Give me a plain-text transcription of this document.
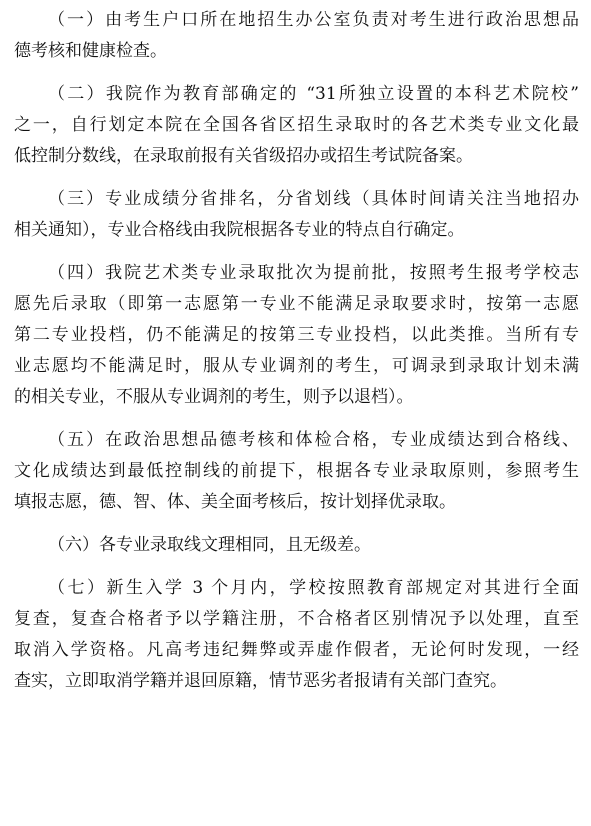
（一）由考生户口所在地招生办公室负责对考生进行政治思想品
德考核和健康检查。
（二）我院作为教育部确定的 “31所独立设置的本科艺术院校”
之一，自行划定本院在全国各省区招生录取时的各艺术类专业文化最
低控制分数线，在录取前报有关省级招办或招生考试院备案。
（三）专业成绩分省排名，分省划线（具体时间请关注当地招办
相关通知），专业合格线由我院根据各专业的特点自行确定。
（四）我院艺术类专业录取批次为提前批，按照考生报考学校志
愿先后录取（即第一志愿第一专业不能满足录取要求时，按第一志愿
第二专业投档，仍不能满足的按第三专业投档，以此类推。当所有专
业志愿均不能满足时，服从专业调剂的考生，可调录到录取计划未满
的相关专业，不服从专业调剂的考生，则予以退档）。
（五）在政治思想品德考核和体检合格，专业成绩达到合格线、
文化成绩达到最低控制线的前提下，根据各专业录取原则，参照考生
填报志愿，德、智、体、美全面考核后，按计划择优录取。
（六）各专业录取线文理相同，且无级差。
（七）新生入学 3 个月内，学校按照教育部规定对其进行全面
复查，复查合格者予以学籍注册，不合格者区别情况予以处理，直至
取消入学资格。凡高考违纪舞弊或弄虚作假者，无论何时发现，一经
查实，立即取消学籍并退回原籍，情节恶劣者报请有关部门查究。
